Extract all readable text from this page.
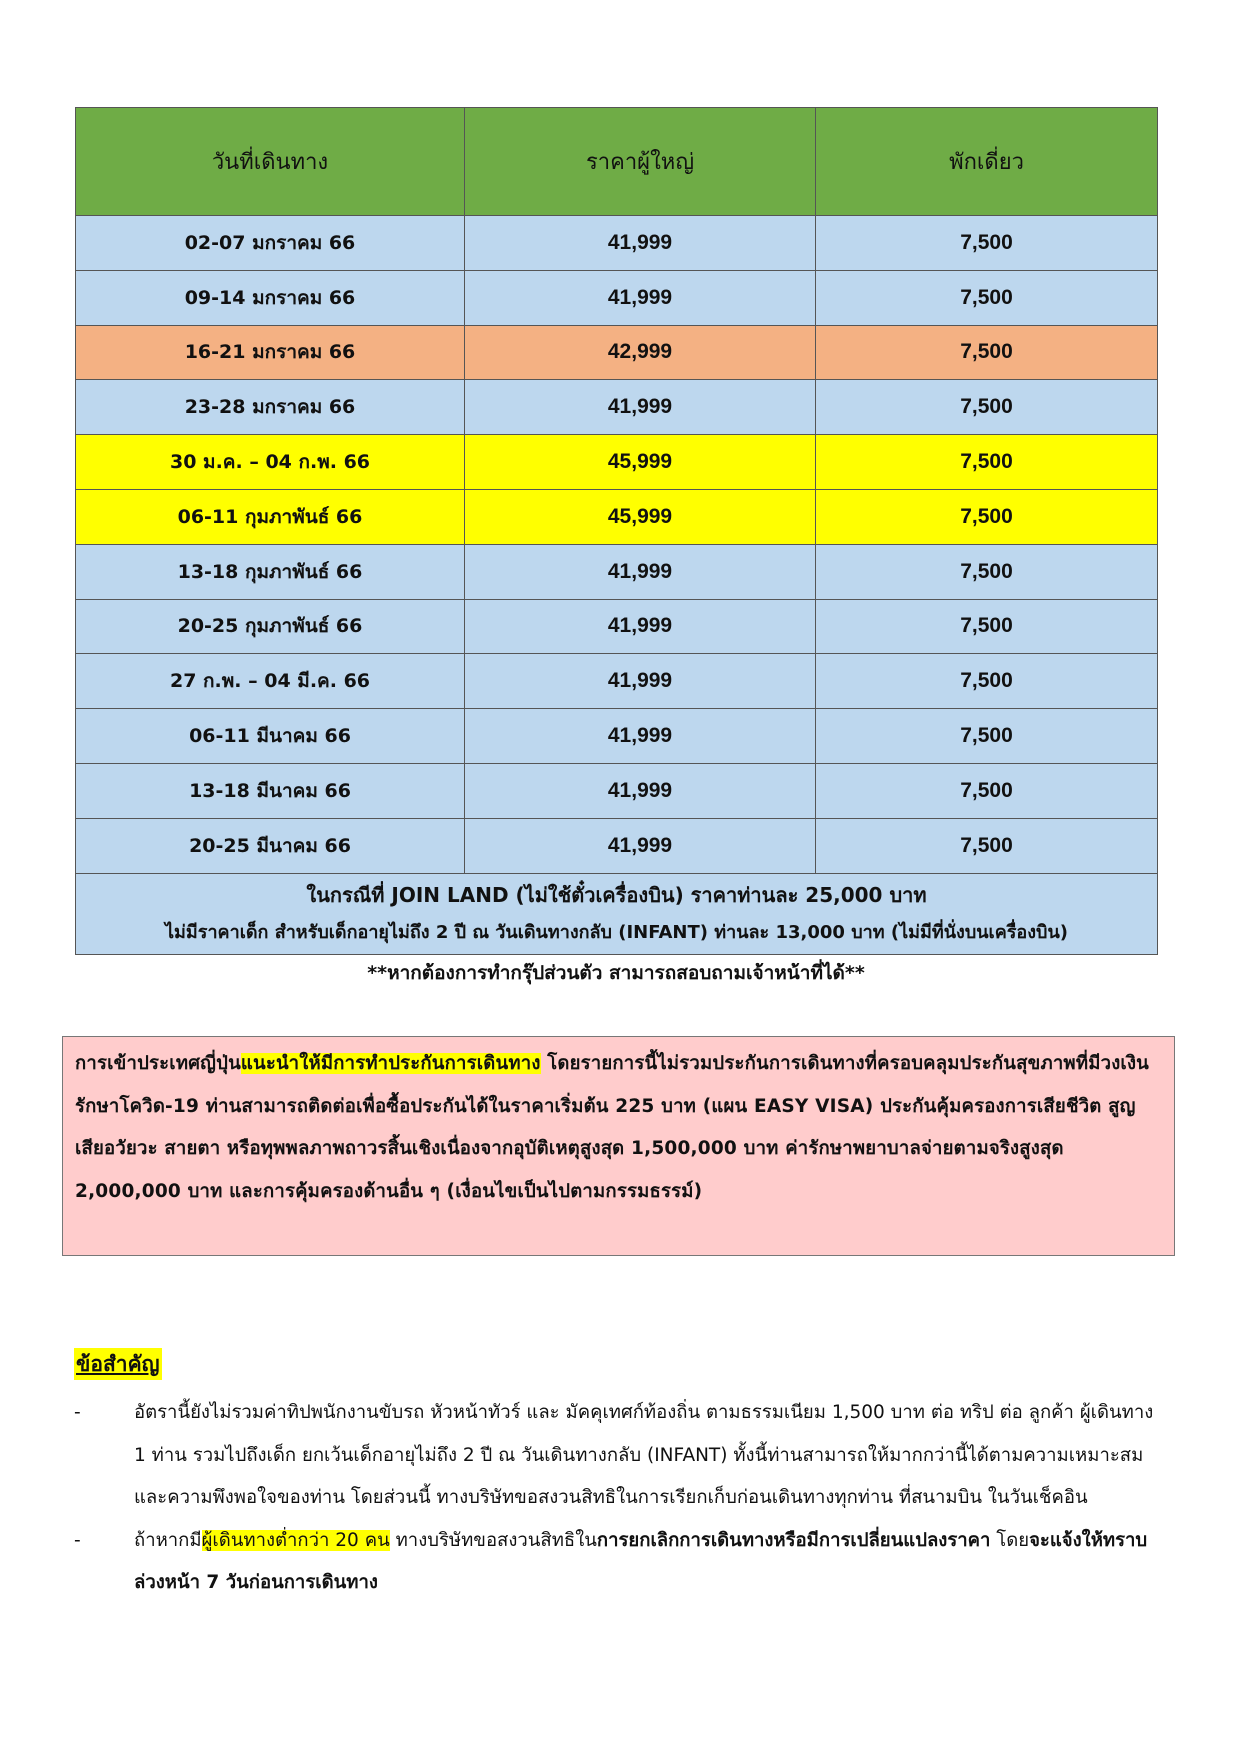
วันที่เดินทาง	ราคาผู้ใหญ่	พักเดี่ยว
02-07 มกราคม 66	41,999	7,500
09-14 มกราคม 66	41,999	7,500
16-21 มกราคม 66	42,999	7,500
23-28 มกราคม 66	41,999	7,500
30 ม.ค. – 04 ก.พ. 66	45,999	7,500
06-11 กุมภาพันธ์ 66	45,999	7,500
13-18 กุมภาพันธ์ 66	41,999	7,500
20-25 กุมภาพันธ์ 66	41,999	7,500
27 ก.พ. – 04 มี.ค. 66	41,999	7,500
06-11 มีนาคม 66	41,999	7,500
13-18 มีนาคม 66	41,999	7,500
20-25 มีนาคม 66	41,999	7,500

ในกรณีที่ JOIN LAND (ไม่ใช้ตั๋วเครื่องบิน) ราคาท่านละ 25,000 บาท
ไม่มีราคาเด็ก สำหรับเด็กอายุไม่ถึง 2 ปี ณ วันเดินทางกลับ (INFANT) ท่านละ 13,000 บาท (ไม่มีที่นั่งบนเครื่องบิน)		
**หากต้องการทำกรุ๊ปส่วนตัว สามารถสอบถามเจ้าหน้าที่ได้**
การเข้าประเทศญี่ปุ่นแนะนำให้มีการทำประกันการเดินทาง โดยรายการนี้ไม่รวมประกันการเดินทางที่ครอบคลุมประกันสุขภาพที่มีวงเงินรักษาโควิด-19 ท่านสามารถติดต่อเพื่อซื้อประกันได้ในราคาเริ่มต้น 225 บาท (แผน EASY VISA) ประกันคุ้มครองการเสียชีวิต สูญเสียอวัยวะ สายตา หรือทุพพลภาพถาวรสิ้นเชิงเนื่องจากอุบัติเหตุสูงสุด 1,500,000 บาท ค่ารักษาพยาบาลจ่ายตามจริงสูงสุด 2,000,000 บาท และการคุ้มครองด้านอื่น ๆ (เงื่อนไขเป็นไปตามกรรมธรรม์)
ข้อสำคัญ
-	อัตรานี้ยังไม่รวมค่าทิปพนักงานขับรถ หัวหน้าทัวร์ และ มัคคุเทศก์ท้องถิ่น ตามธรรมเนียม 1,500 บาท ต่อ ทริป ต่อ ลูกค้า ผู้เดินทาง 1 ท่าน รวมไปถึงเด็ก ยกเว้นเด็กอายุไม่ถึง 2 ปี ณ วันเดินทางกลับ (INFANT) ทั้งนี้ท่านสามารถให้มากกว่านี้ได้ตามความเหมาะสมและความพึงพอใจของท่าน โดยส่วนนี้ ทางบริษัทขอสงวนสิทธิในการเรียกเก็บก่อนเดินทางทุกท่าน ที่สนามบิน ในวันเช็คอิน
-	ถ้าหากมีผู้เดินทางต่ำกว่า 20 คน ทางบริษัทขอสงวนสิทธิในการยกเลิกการเดินทางหรือมีการเปลี่ยนแปลงราคา โดยจะแจ้งให้ทราบล่วงหน้า 7 วันก่อนการเดินทาง
